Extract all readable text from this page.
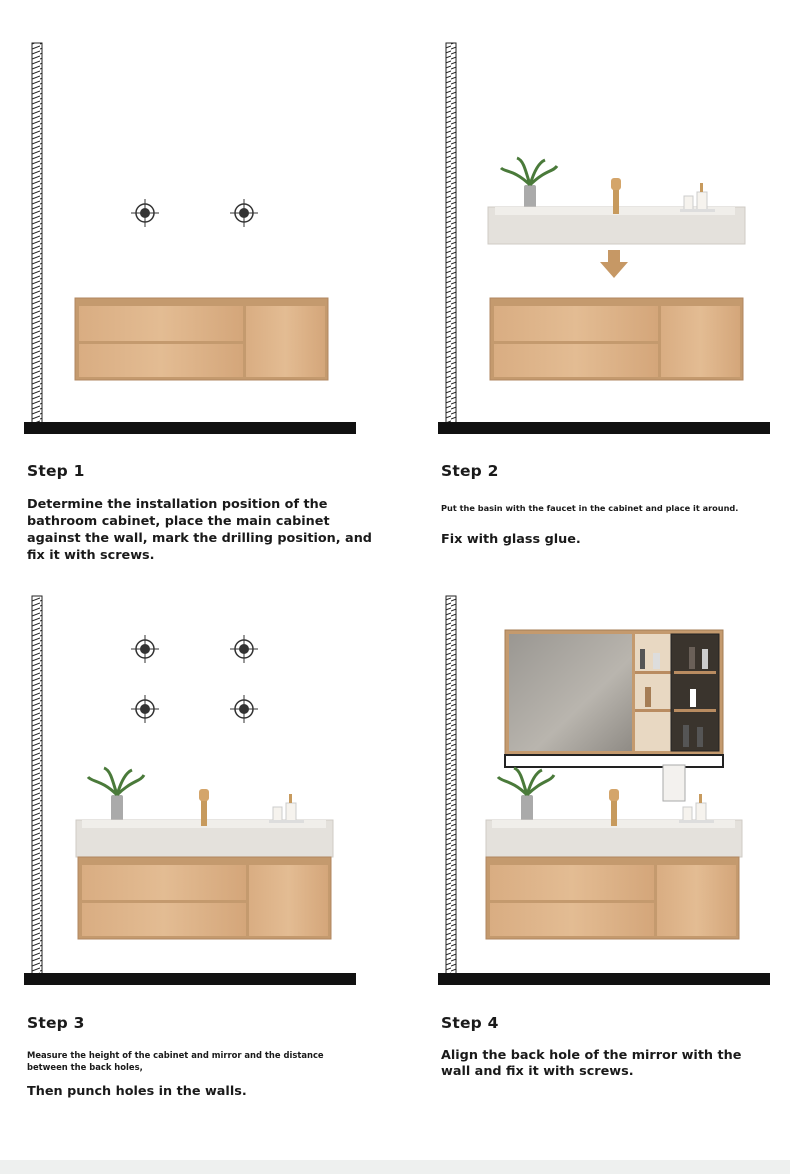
Step 1

Determine the installation position of the bathroom cabinet, place the main cabinet against the wall, mark the drilling position, and fix it with screws.

Step 2

Put the basin with the faucet in the cabinet and place it around.

Fix with glass glue.

Step 3

Measure the height of the cabinet and mirror and the distance between the back holes,

Then punch holes in the walls.

Step 4

Align the back hole of the mirror with the wall and fix it with screws.
